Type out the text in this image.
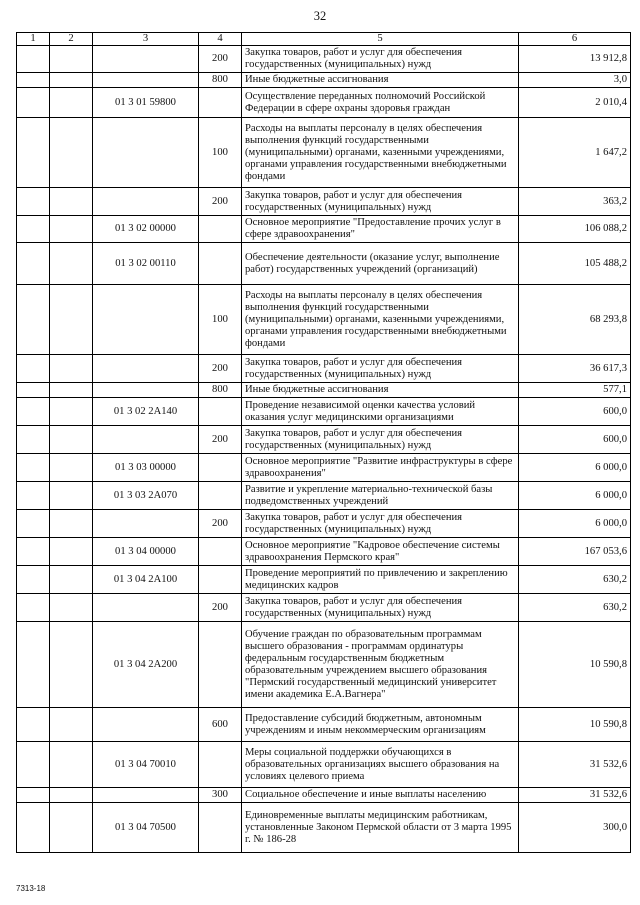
32
1	2	3	4	5	6
			200	Закупка товаров, работ и услуг для обеспечения государственных (муниципальных) нужд	13 912,8
			800	Иные бюджетные ассигнования	3,0
		01 3 01 59800		Осуществление переданных полномочий Российской Федерации в сфере охраны здоровья граждан	2 010,4
			100	Расходы на выплаты персоналу в целях обеспечения выполнения функций государственными (муниципальными) органами, казенными учреждениями, органами управления государственными внебюджетными фондами	1 647,2
			200	Закупка товаров, работ и услуг для обеспечения государственных (муниципальных) нужд	363,2
		01 3 02 00000		Основное мероприятие "Предоставление прочих услуг в сфере здравоохранения"	106 088,2
		01 3 02 00110		Обеспечение деятельности (оказание услуг, выполнение работ) государственных учреждений (организаций)	105 488,2
			100	Расходы на выплаты персоналу в целях обеспечения выполнения функций государственными (муниципальными) органами, казенными учреждениями, органами управления государственными внебюджетными фондами	68 293,8
			200	Закупка товаров, работ и услуг для обеспечения государственных (муниципальных) нужд	36 617,3
			800	Иные бюджетные ассигнования	577,1
		01 3 02 2А140		Проведение независимой оценки качества условий оказания услуг медицинскими организациями	600,0
			200	Закупка товаров, работ и услуг для обеспечения государственных (муниципальных) нужд	600,0
		01 3 03 00000		Основное мероприятие "Развитие инфраструктуры в сфере здравоохранения"	6 000,0
		01 3 03 2А070		Развитие и укрепление материально-технической базы подведомственных учреждений	6 000,0
			200	Закупка товаров, работ и услуг для обеспечения государственных (муниципальных) нужд	6 000,0
		01 3 04 00000		Основное мероприятие "Кадровое обеспечение системы здравоохранения Пермского края"	167 053,6
		01 3 04 2А100		Проведение мероприятий по привлечению и закреплению медицинских кадров	630,2
			200	Закупка товаров, работ и услуг для обеспечения государственных (муниципальных) нужд	630,2
		01 3 04 2А200		Обучение граждан по образовательным программам высшего образования - программам ординатуры федеральным государственным бюджетным образовательным учреждением высшего образования "Пермский государственный медицинский университет имени академика Е.А.Вагнера"	10 590,8
			600	Предоставление субсидий бюджетным, автономным учреждениям и иным некоммерческим организациям	10 590,8
		01 3 04 70010		Меры социальной поддержки обучающихся в образовательных организациях высшего образования на условиях целевого приема	31 532,6
			300	Социальное обеспечение и иные выплаты населению	31 532,6
		01 3 04 70500		Единовременные выплаты медицинским работникам, установленные Законом Пермской области от 3 марта 1995 г. № 186-28	300,0
7313-18
